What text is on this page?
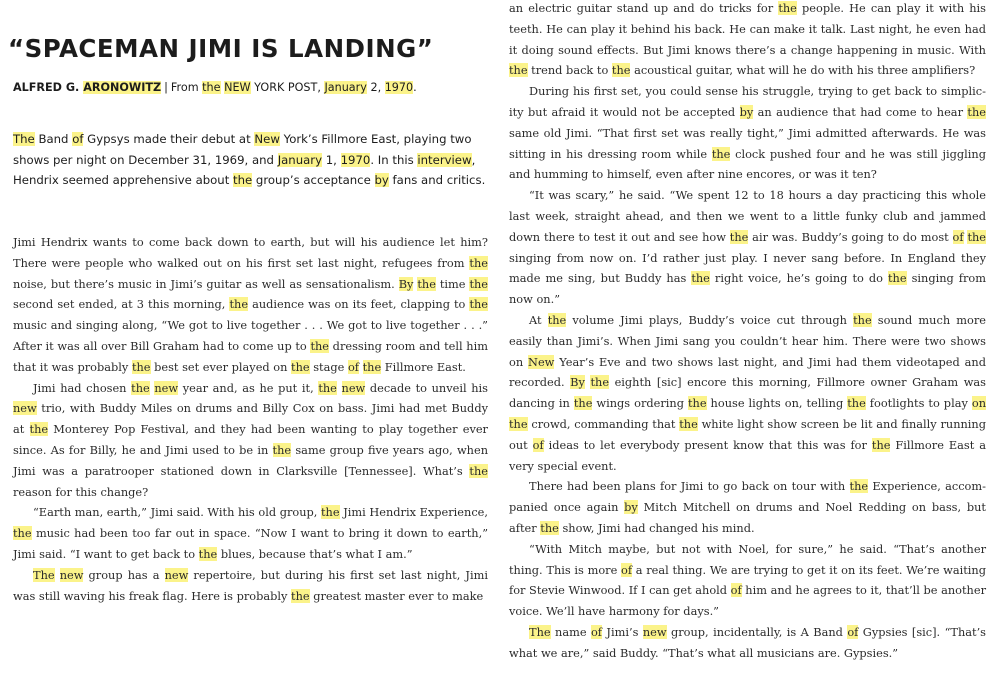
“SPACEMAN JIMI IS LANDING”
ALFRED G. ARONOWITZ | From the NEW YORK POST, January 2, 1970.
The Band of Gypsys made their debut at New York’s Fillmore East, playing two shows per night on December 31, 1969, and January 1, 1970. In this interview, Hendrix seemed apprehensive about the group’s acceptance by fans and critics.

Jimi Hendrix wants to come back down to earth, but will his audience let him? There were people who walked out on his first set last night, refugees from the noise, but there’s music in Jimi’s guitar as well as sensationalism. By the time the second set ended, at 3 this morning, the audience was on its feet, clapping to the music and singing along, “We got to live together . . . We got to live together . . .” After it was all over Bill Graham had to come up to the dressing room and tell him that it was probably the best set ever played on the stage of the Fillmore East.

Jimi had chosen the new year and, as he put it, the new decade to unveil his new trio, with Buddy Miles on drums and Billy Cox on bass. Jimi had met Buddy at the Monterey Pop Festival, and they had been wanting to play together ever since. As for Billy, he and Jimi used to be in the same group five years ago, when Jimi was a paratrooper stationed down in Clarksville [Tennessee]. What’s the reason for this change?

“Earth man, earth,” Jimi said. With his old group, the Jimi Hendrix Experience, the music had been too far out in space. “Now I want to bring it down to earth,” Jimi said. “I want to get back to the blues, because that’s what I am.”

The new group has a new repertoire, but during his first set last night, Jimi was still waving his freak flag. Here is probably the greatest master ever to make

an electric guitar stand up and do tricks for the people. He can play it with his teeth. He can play it behind his back. He can make it talk. Last night, he even had it doing sound effects. But Jimi knows there’s a change happening in music. With the trend back to the acoustical guitar, what will he do with his three amplifiers?

During his first set, you could sense his struggle, trying to get back to simplicity but afraid it would not be accepted by an audience that had come to hear the same old Jimi. “That first set was really tight,” Jimi admitted afterwards. He was sitting in his dressing room while the clock pushed four and he was still jiggling and humming to himself, even after nine encores, or was it ten?

“It was scary,” he said. “We spent 12 to 18 hours a day practicing this whole last week, straight ahead, and then we went to a little funky club and jammed down there to test it out and see how the air was. Buddy’s going to do most of the singing from now on. I’d rather just play. I never sang before. In England they made me sing, but Buddy has the right voice, he’s going to do the singing from now on.”

At the volume Jimi plays, Buddy’s voice cut through the sound much more easily than Jimi’s. When Jimi sang you couldn’t hear him. There were two shows on New Year’s Eve and two shows last night, and Jimi had them videotaped and recorded. By the eighth [sic] encore this morning, Fillmore owner Graham was dancing in the wings ordering the house lights on, telling the footlights to play on the crowd, commanding that the white light show screen be lit and finally running out of ideas to let everybody present know that this was for the Fillmore East a very special event.

There had been plans for Jimi to go back on tour with the Experience, accompanied once again by Mitch Mitchell on drums and Noel Redding on bass, but after the show, Jimi had changed his mind.

“With Mitch maybe, but not with Noel, for sure,” he said. “That’s another thing. This is more of a real thing. We are trying to get it on its feet. We’re waiting for Stevie Winwood. If I can get ahold of him and he agrees to it, that’ll be another voice. We’ll have harmony for days.”

The name of Jimi’s new group, incidentally, is A Band of Gypsies [sic]. “That’s what we are,” said Buddy. “That’s what all musicians are. Gypsies.”
